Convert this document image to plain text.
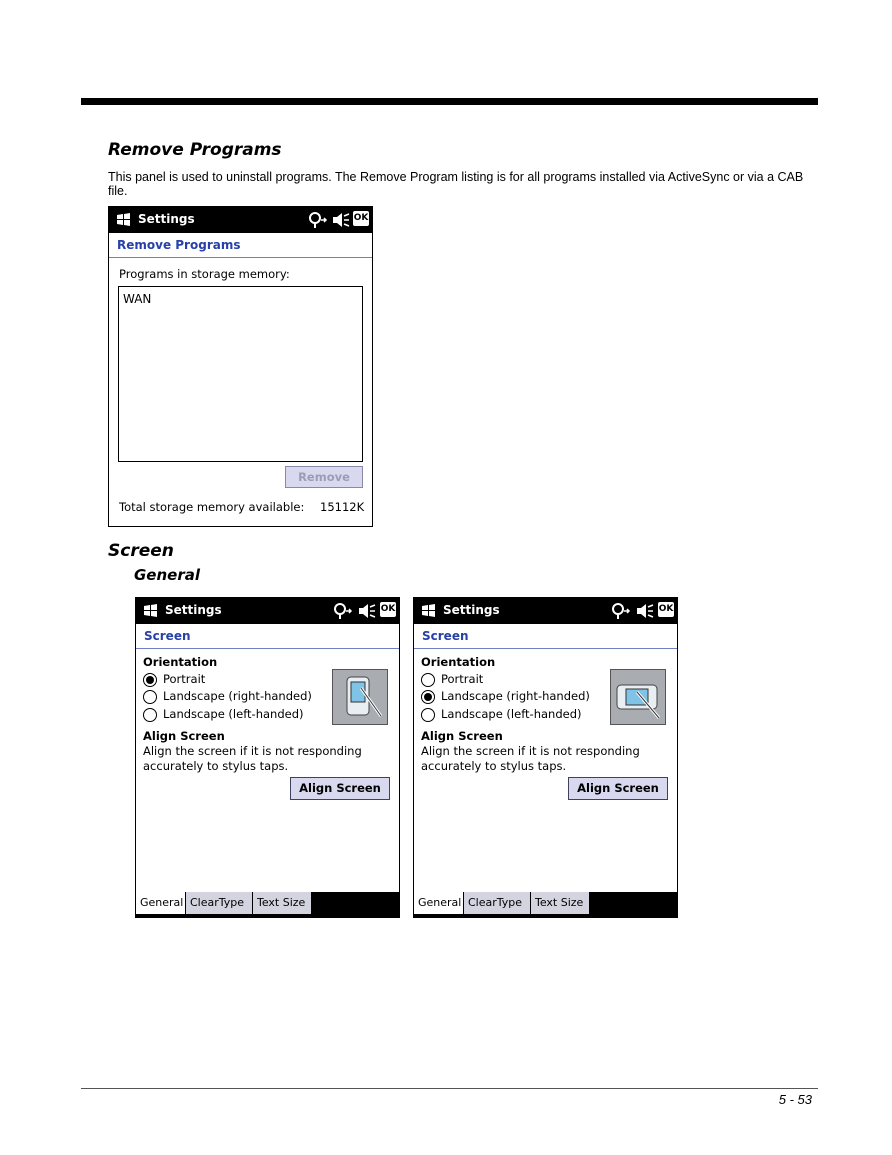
Remove Programs
This panel is used to uninstall programs. The Remove Program listing is for all programs installed via ActiveSync or via a CAB file.
Settings	OK
Remove Programs
Programs in storage memory:
WAN
Remove
Total storage memory available: 15112K
Screen
General
Settings	OK
Screen
Orientation
Portrait
Landscape (right-handed)
Landscape (left-handed)
Align Screen
Align the screen if it is not responding
accurately to stylus taps.
Align Screen
General ClearType	Text Size
Settings	OK
Screen
Orientation
Portrait
Landscape (right-handed)
Landscape (left-handed)
Align Screen
Align the screen if it is not responding
accurately to stylus taps.
Align Screen
General ClearType	Text Size
5 - 53
